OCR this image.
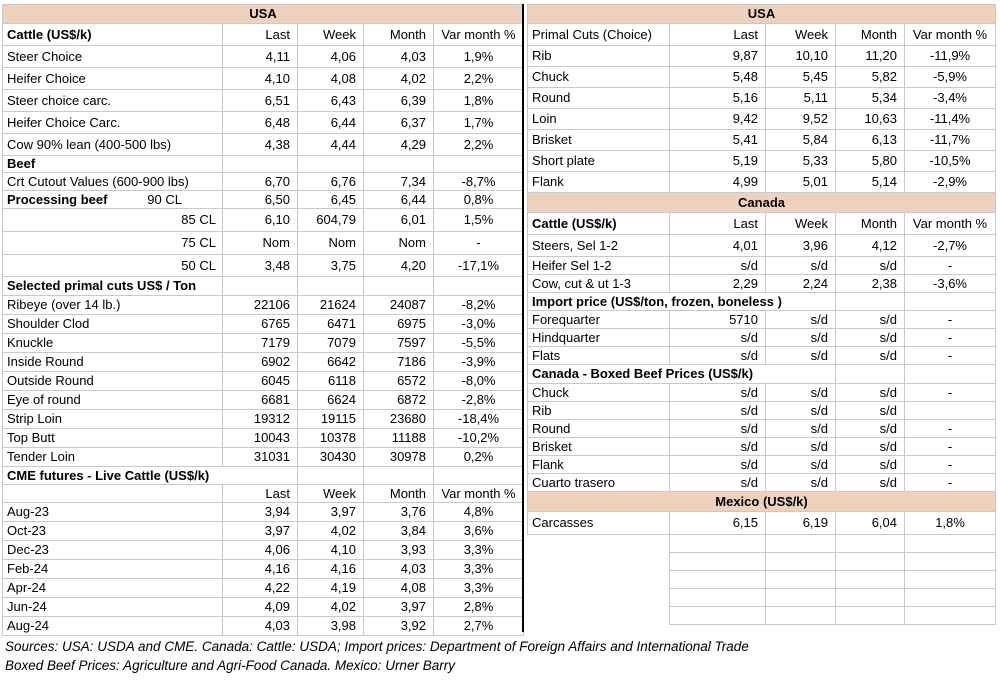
USA				
Cattle (US$/k)	Last	Week	Month	Var month %
Steer Choice	4,11	4,06	4,03	1,9%
Heifer Choice	4,10	4,08	4,02	2,2%
Steer choice carc.	6,51	6,43	6,39	1,8%
Heifer Choice Carc.	6,48	6,44	6,37	1,7%
Cow 90% lean (400-500 lbs)	4,38	4,44	4,29	2,2%
Beef				
Crt Cutout Values (600-900 lbs)	6,70	6,76	7,34	-8,7%
Processing beef 90 CL	6,50	6,45	6,44	0,8%
85 CL	6,10	604,79	6,01	1,5%
75 CL	Nom	Nom	Nom	-
50 CL	3,48	3,75	4,20	-17,1%
Selected primal cuts US$ / Ton				
Ribeye (over 14 lb.)	22106	21624	24087	-8,2%
Shoulder Clod	6765	6471	6975	-3,0%
Knuckle	7179	7079	7597	-5,5%
Inside Round	6902	6642	7186	-3,9%
Outside Round	6045	6118	6572	-8,0%
Eye of round	6681	6624	6872	-2,8%
Strip Loin	19312	19115	23680	-18,4%
Top Butt	10043	10378	11188	-10,2%
Tender Loin	31031	30430	30978	0,2%
CME futures - Live Cattle (US$/k)				
	Last	Week	Month	Var month %
Aug-23	3,94	3,97	3,76	4,8%
Oct-23	3,97	4,02	3,84	3,6%
Dec-23	4,06	4,10	3,93	3,3%
Feb-24	4,16	4,16	4,03	3,3%
Apr-24	4,22	4,19	4,08	3,3%
Jun-24	4,09	4,02	3,97	2,8%
Aug-24	4,03	3,98	3,92	2,7%
USA				
Primal Cuts (Choice)	Last	Week	Month	Var month %
Rib	9,87	10,10	11,20	-11,9%
Chuck	5,48	5,45	5,82	-5,9%
Round	5,16	5,11	5,34	-3,4%
Loin	9,42	9,52	10,63	-11,4%
Brisket	5,41	5,84	6,13	-11,7%
Short plate	5,19	5,33	5,80	-10,5%
Flank	4,99	5,01	5,14	-2,9%
Canada				
Cattle (US$/k)	Last	Week	Month	Var month %
Steers, Sel 1-2	4,01	3,96	4,12	-2,7%
Heifer Sel 1-2	s/d	s/d	s/d	-
Cow, cut & ut 1-3	2,29	2,24	2,38	-3,6%
Import price (US$/ton, frozen, boneless )				
Forequarter	5710	s/d	s/d	-
Hindquarter	s/d	s/d	s/d	-
Flats	s/d	s/d	s/d	-
Canada - Boxed Beef Prices (US$/k)				
Chuck	s/d	s/d	s/d	-
Rib	s/d	s/d	s/d	
Round	s/d	s/d	s/d	-
Brisket	s/d	s/d	s/d	-
Flank	s/d	s/d	s/d	-
Cuarto trasero	s/d	s/d	s/d	-
Mexico (US$/k)				
Carcasses	6,15	6,19	6,04	1,8%

Sources: USA: USDA and CME. Canada: Cattle: USDA; Import prices: Department of Foreign Affairs and International Trade
Boxed Beef Prices: Agriculture and Agri-Food Canada. Mexico: Urner Barry
